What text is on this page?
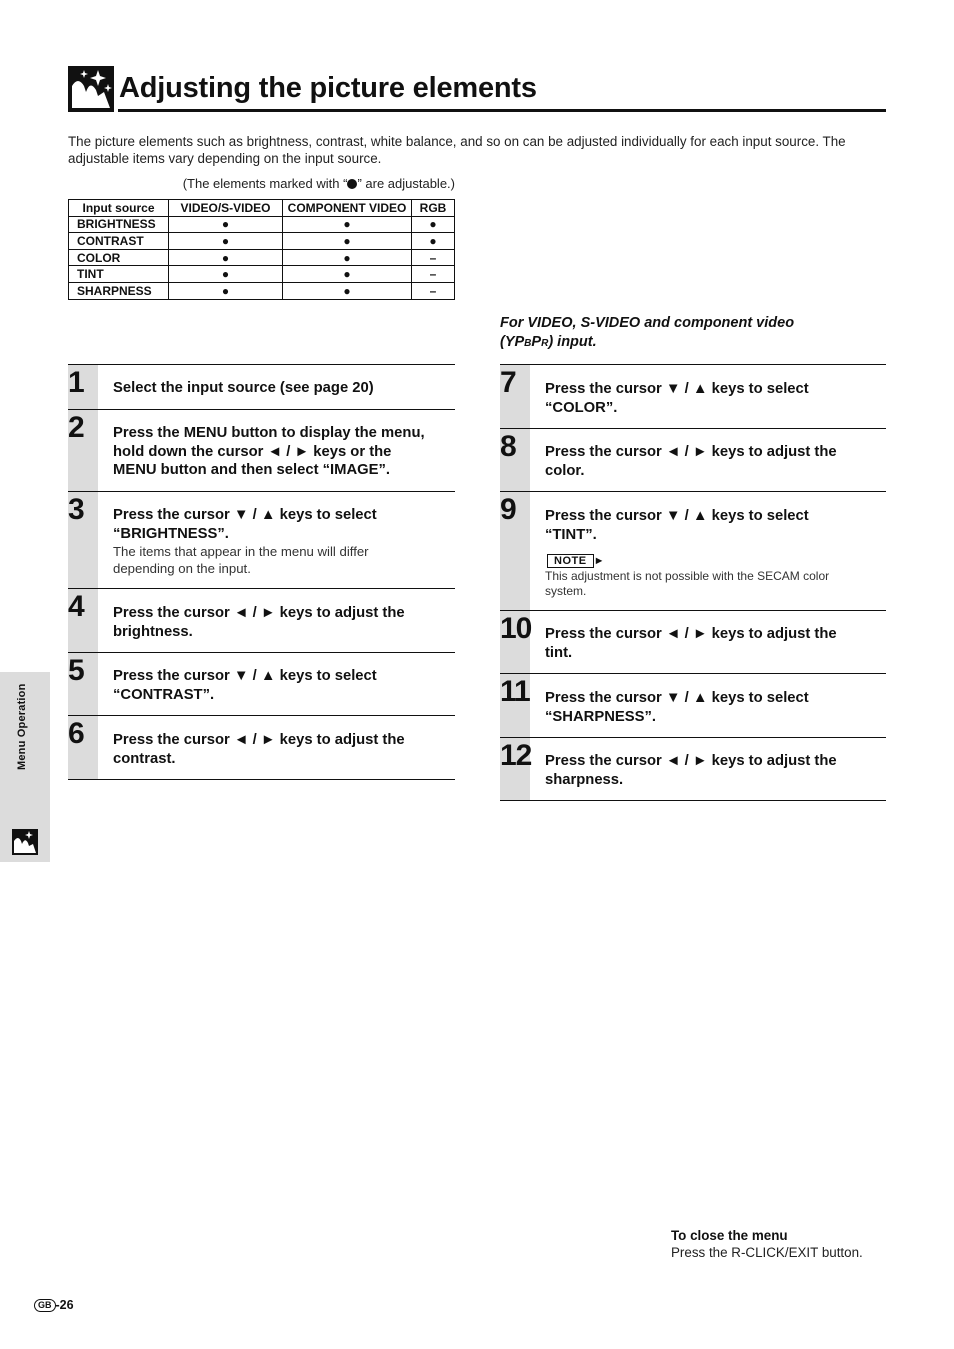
Adjusting the picture elements
The picture elements such as brightness, contrast, white balance, and so on can be adjusted individually for each input source. The adjustable items vary depending on the input source.
(The elements marked with “ ” are adjustable.)
Input source	VIDEO/S-VIDEO	COMPONENT VIDEO	RGB
BRIGHTNESS	●	●	●
CONTRAST	●	●	●
COLOR	●	●	–
TINT	●	●	–
SHARPNESS	●	●	–
For VIDEO, S-VIDEO and component video
(YPBPR) input.
1 Select the input source (see page 20)
2 Press the MENU button to display the menu,
hold down the cursor ◄ / ► keys or the
MENU button and then select “IMAGE”.
3 Press the cursor ▼ / ▲ keys to select
“BRIGHTNESS”.
The items that appear in the menu will differ
depending on the input.
4 Press the cursor ◄ / ► keys to adjust the
brightness.
5 Press the cursor ▼ / ▲ keys to select
“CONTRAST”.
6 Press the cursor ◄ / ► keys to adjust the
contrast.
7 Press the cursor ▼ / ▲ keys to select
“COLOR”.
8 Press the cursor ◄ / ► keys to adjust the
color.
9 Press the cursor ▼ / ▲ keys to select
“TINT”.
NOTE ►
This adjustment is not possible with the SECAM color
system.
10 Press the cursor ◄ / ► keys to adjust the
tint.
11 Press the cursor ▼ / ▲ keys to select
“SHARPNESS”.
12 Press the cursor ◄ / ► keys to adjust the
sharpness.
Menu Operation
To close the menu
Press the R-CLICK/EXIT button.
GB -26
